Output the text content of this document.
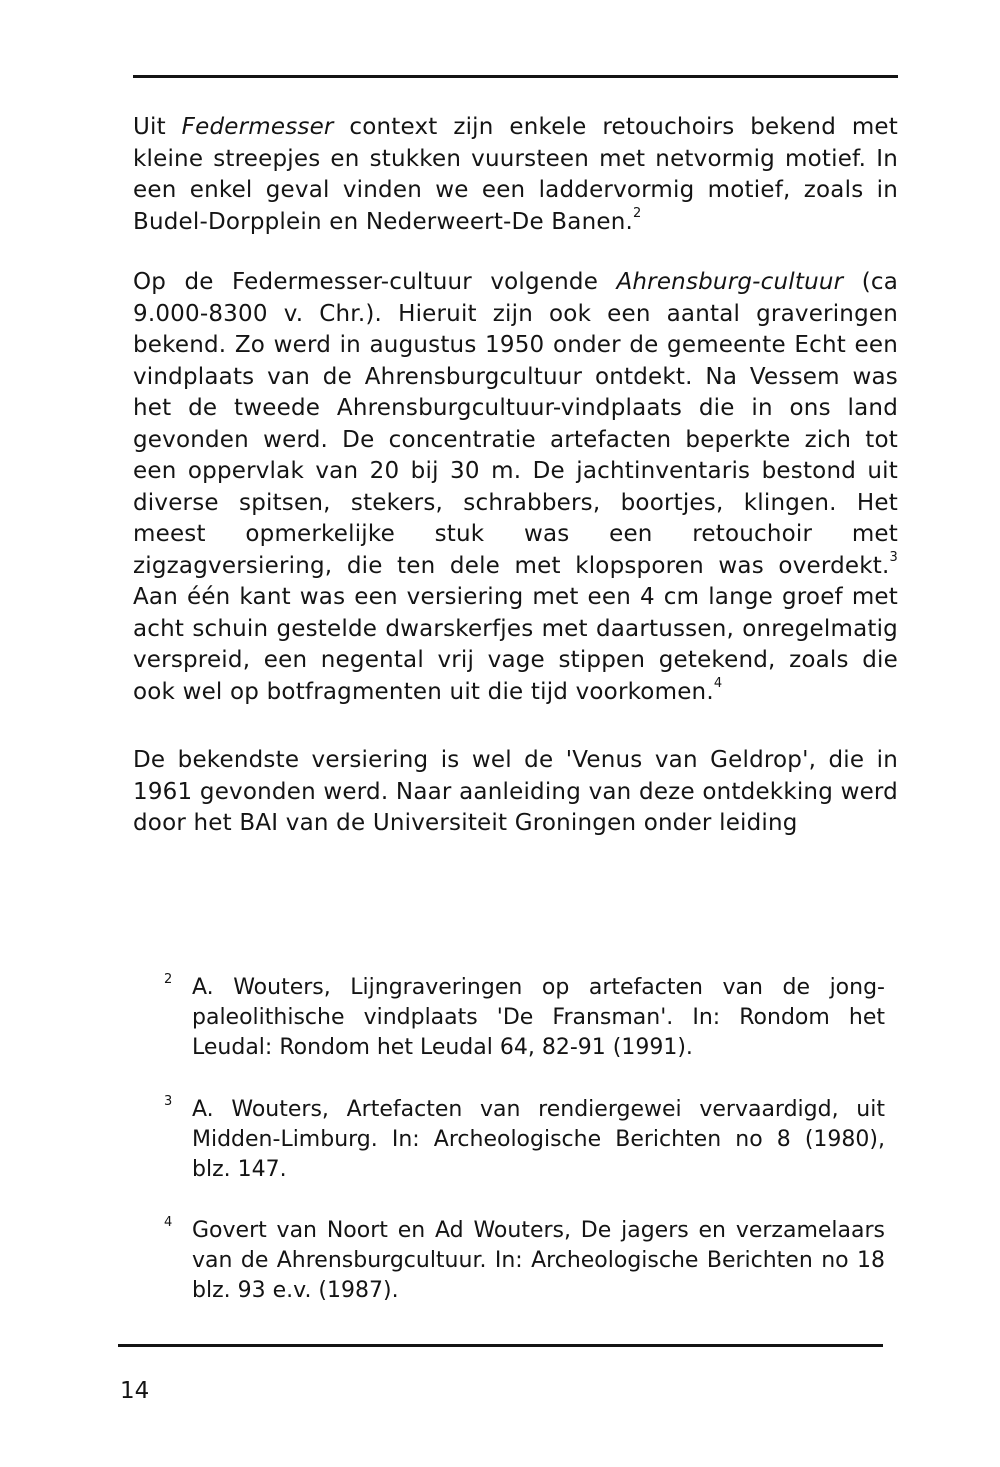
Uit Federmesser context zijn enkele retouchoirs bekend met kleine streepjes en stukken vuursteen met netvormig motief. In een enkel geval vinden we een laddervormig motief, zoals in Budel-Dorpplein en Nederweert-De Banen.$^2$

Op de Federmesser-cultuur volgende Ahrensburg-cultuur (ca 9.000-8300 v. Chr.). Hieruit zijn ook een aantal graveringen bekend. Zo werd in augustus 1950 onder de gemeente Echt een vindplaats van de Ahrensburgcultuur ontdekt. Na Vessem was het de tweede Ahrensburgcultuur-vindplaats die in ons land gevonden werd. De concentratie artefacten beperkte zich tot een oppervlak van 20 bij 30 m. De jachtinventaris bestond uit diverse spitsen, stekers, schrabbers, boortjes, klingen. Het meest opmerkelijke stuk was een retouchoir met zigzagversiering, die ten dele met klopsporen was overdekt.$^3$ Aan één kant was een versiering met een 4 cm lange groef met acht schuin gestelde dwarskerfjes met daartussen, onregelmatig verspreid, een negental vrij vage stippen getekend, zoals die ook wel op botfragmenten uit die tijd voorkomen.$^4$

De bekendste versiering is wel de 'Venus van Geldrop', die in 1961 gevonden werd. Naar aanleiding van deze ontdekking werd door het BAI van de Universiteit Groningen onder leiding

2 A. Wouters, Lijngraveringen op artefacten van de jong-paleolithische vindplaats 'De Fransman'. In: Rondom het Leudal: Rondom het Leudal 64, 82-91 (1991).
3 A. Wouters, Artefacten van rendiergewei vervaardigd, uit Midden-Limburg. In: Archeologische Berichten no 8 (1980), blz. 147.
4 Govert van Noort en Ad Wouters, De jagers en verzamelaars van de Ahrensburgcultuur. In: Archeologische Berichten no 18 blz. 93 e.v. (1987).
14
